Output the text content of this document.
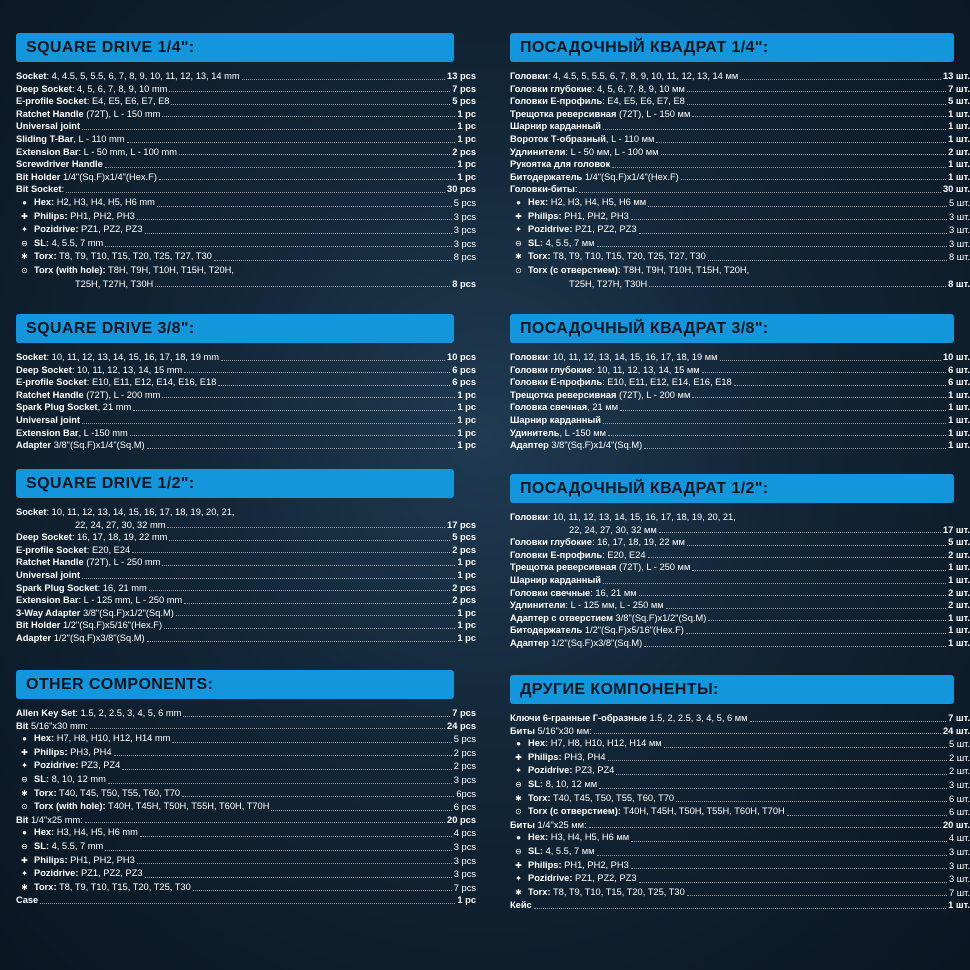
SQUARE DRIVE 1/4":
Socket: 4, 4.5, 5, 5.5, 6, 7, 8, 9, 10, 11, 12, 13, 14 mm	13 pcs
Deep Socket: 4, 5, 6, 7, 8, 9, 10 mm	7 pcs
E-profile Socket: E4, E5, E6, E7, E8	5 pcs
Ratchet Handle (72T), L - 150 mm	1 pc
Universal joint	1 pc
Sliding T-Bar, L - 110 mm	1 pc
Extension Bar: L - 50 mm, L - 100 mm	2 pcs
Screwdriver Handle	1 pc
Bit Holder 1/4"(Sq.F)x1/4"(Hex.F)	1 pc
Bit Socket:	30 pcs
● Hex: H2, H3, H4, H5, H6 mm	5 pcs
✚ Philips: PH1, PH2, PH3	3 pcs
✦ Pozidrive: PZ1, PZ2, PZ3	3 pcs
⊖ SL: 4, 5.5, 7 mm	3 pcs
✱ Torx: T8, T9, T10, T15, T20, T25, T27, T30	8 pcs
⊙ Torx (with hole): T8H, T9H, T10H, T15H, T20H,
T25H, T27H, T30H	8 pcs
SQUARE DRIVE 3/8":
Socket: 10, 11, 12, 13, 14, 15, 16, 17, 18, 19 mm	10 pcs
Deep Socket: 10, 11, 12, 13, 14, 15 mm	6 pcs
E-profile Socket: E10, E11, E12, E14, E16, E18	6 pcs
Ratchet Handle (72T), L - 200 mm	1 pc
Spark Plug Socket, 21 mm	1 pc
Universal joint	1 pc
Extension Bar, L -150 mm	1 pc
Adapter 3/8"(Sq.F)x1/4"(Sq.M)	1 pc
SQUARE DRIVE 1/2":
Socket: 10, 11, 12, 13, 14, 15, 16, 17, 18, 19, 20, 21,
22, 24, 27, 30, 32 mm	17 pcs
Deep Socket: 16, 17, 18, 19, 22 mm	5 pcs
E-profile Socket: E20, E24	2 pcs
Ratchet Handle (72T), L - 250 mm	1 pc
Universal joint	1 pc
Spark Plug Socket: 16, 21 mm	2 pcs
Extension Bar: L - 125 mm, L - 250 mm	2 pcs
3-Way Adapter 3/8"(Sq.F)x1/2"(Sq.M)	1 pc
Bit Holder 1/2"(Sq.F)x5/16"(Hex.F)	1 pc
Adapter 1/2"(Sq.F)x3/8"(Sq.M)	1 pc
OTHER COMPONENTS:
Allen Key Set: 1.5, 2, 2.5, 3, 4, 5, 6 mm	7 pcs
Bit 5/16"x30 mm:	24 pcs
● Hex: H7, H8, H10, H12, H14 mm	5 pcs
✚ Philips: PH3, PH4	2 pcs
✦ Pozidrive: PZ3, PZ4	2 pcs
⊖ SL: 8, 10, 12 mm	3 pcs
✱ Torx: T40, T45, T50, T55, T60, T70	6pcs
⊙ Torx (with hole): T40H, T45H, T50H, T55H, T60H, T70H	6 pcs
Bit 1/4"x25 mm:	20 pcs
● Hex: H3, H4, H5, H6 mm	4 pcs
⊖ SL: 4, 5.5, 7 mm	3 pcs
✚ Philips: PH1, PH2, PH3	3 pcs
✦ Pozidrive: PZ1, PZ2, PZ3	3 pcs
✱ Torx: T8, T9, T10, T15, T20, T25, T30	7 pcs
Case	1 pc
ПОСАДОЧНЫЙ КВАДРАТ 1/4":
Головки: 4, 4.5, 5, 5.5, 6, 7, 8, 9, 10, 11, 12, 13, 14 мм	13 шт.
Головки глубокие: 4, 5, 6, 7, 8, 9, 10 мм	7 шт.
Головки Е-профиль: E4, E5, E6, E7, E8	5 шт.
Трещотка реверсивная (72T), L - 150 мм	1 шт.
Шарнир карданный	1 шт.
Вороток Т-образный, L - 110 мм	1 шт.
Удлинители: L - 50 мм, L - 100 мм	2 шт.
Рукоятка для головок	1 шт.
Битодержатель 1/4"(Sq.F)x1/4"(Hex.F)	1 шт.
Головки-биты:	30 шт.
● Hex: H2, H3, H4, H5, H6 мм	5 шт.
✚ Philips: PH1, PH2, PH3	3 шт.
✦ Pozidrive: PZ1, PZ2, PZ3	3 шт.
⊖ SL: 4, 5.5, 7 мм	3 шт.
✱ Torx: T8, T9, T10, T15, T20, T25, T27, T30	8 шт.
⊙ Torx (с отверстием): T8H, T9H, T10H, T15H, T20H,
T25H, T27H, T30H	8 шт.
ПОСАДОЧНЫЙ КВАДРАТ 3/8":
Головки: 10, 11, 12, 13, 14, 15, 16, 17, 18, 19 мм	10 шт.
Головки глубокие: 10, 11, 12, 13, 14, 15 мм	6 шт.
Головки Е-профиль: E10, E11, E12, E14, E16, E18	6 шт.
Трещотка реверсивная (72T), L - 200 мм	1 шт.
Головка свечная, 21 мм	1 шт.
Шарнир карданный	1 шт.
Удинитель, L -150 мм	1 шт.
Адаптер 3/8"(Sq.F)x1/4"(Sq.M)	1 шт.
ПОСАДОЧНЫЙ КВАДРАТ 1/2":
Головки: 10, 11, 12, 13, 14, 15, 16, 17, 18, 19, 20, 21,
22, 24, 27, 30, 32 мм	17 шт.
Головки глубокие: 16, 17, 18, 19, 22 мм	5 шт.
Головки Е-профиль: E20, E24	2 шт.
Трещотка реверсивная (72T), L - 250 мм	1 шт.
Шарнир карданный	1 шт.
Головки свечные: 16, 21 мм	2 шт.
Удлинители: L - 125 мм, L - 250 мм	2 шт.
Адаптер с отверстием 3/8"(Sq.F)x1/2"(Sq.M)	1 шт.
Битодержатель 1/2"(Sq.F)x5/16"(Hex.F)	1 шт.
Адаптер 1/2"(Sq.F)x3/8"(Sq.M)	1 шт.
ДРУГИЕ КОМПОНЕНТЫ:
Ключи 6-гранные Г-образные 1.5, 2, 2.5, 3, 4, 5, 6 мм	7 шт.
Биты 5/16"x30 мм:	24 шт.
● Hex: H7, H8, H10, H12, H14 мм	5 шт.
✚ Philips: PH3, PH4	2 шт.
✦ Pozidrive: PZ3, PZ4	2 шт.
⊖ SL: 8, 10, 12 мм	3 шт.
✱ Torx: T40, T45, T50, T55, T60, T70	6 шт.
⊙ Torx (с отверстием): T40H, T45H, T50H, T55H, T60H, T70H	6 шт.
Биты 1/4"x25 мм:	20 шт.
● Hex: H3, H4, H5, H6 мм	4 шт.
⊖ SL: 4, 5.5, 7 мм	3 шт.
✚ Philips: PH1, PH2, PH3	3 шт.
✦ Pozidrive: PZ1, PZ2, PZ3	3 шт.
✱ Torx: T8, T9, T10, T15, T20, T25, T30	7 шт.
Кейс	1 шт.
